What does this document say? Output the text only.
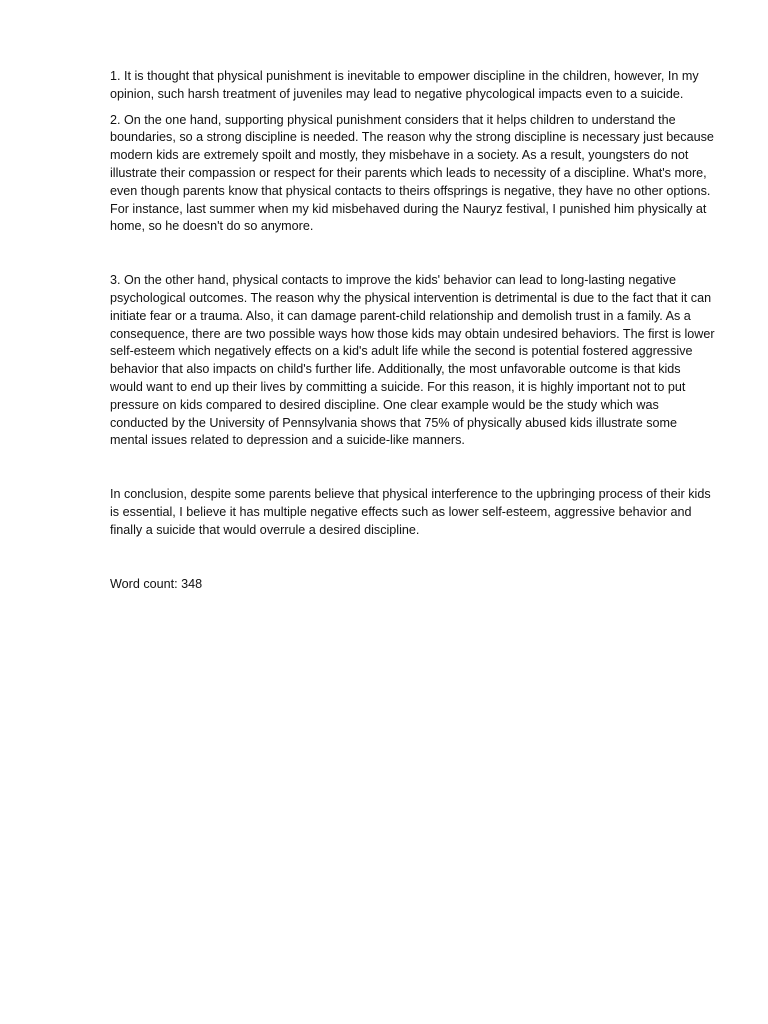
1. It is thought that physical punishment is inevitable to empower discipline in the children, however, In my opinion, such harsh treatment of juveniles may lead to negative phycological impacts even to a suicide.

2. On the one hand, supporting physical punishment considers that it helps children to understand the boundaries, so a strong discipline is needed. The reason why the strong discipline is necessary just because modern kids are extremely spoilt and mostly, they misbehave in a society. As a result, youngsters do not illustrate their compassion or respect for their parents which leads to necessity of a discipline. What's more, even though parents know that physical contacts to theirs offsprings is negative, they have no other options. For instance, last summer when my kid misbehaved during the Nauryz festival, I punished him physically at home, so he doesn't do so anymore.

3. On the other hand, physical contacts to improve the kids' behavior can lead to long-lasting negative psychological outcomes. The reason why the physical intervention is detrimental is due to the fact that it can initiate fear or a trauma. Also, it can damage parent-child relationship and demolish trust in a family. As a consequence, there are two possible ways how those kids may obtain undesired behaviors. The first is lower self-esteem which negatively effects on a kid's adult life while the second is potential fostered aggressive behavior that also impacts on child's further life. Additionally, the most unfavorable outcome is that kids would want to end up their lives by committing a suicide. For this reason, it is highly important not to put pressure on kids compared to desired discipline. One clear example would be the study which was conducted by the University of Pennsylvania shows that 75% of physically abused kids illustrate some mental issues related to depression and a suicide-like manners.

In conclusion, despite some parents believe that physical interference to the upbringing process of their kids is essential, I believe it has multiple negative effects such as lower self-esteem, aggressive behavior and finally a suicide that would overrule a desired discipline.

Word count: 348
